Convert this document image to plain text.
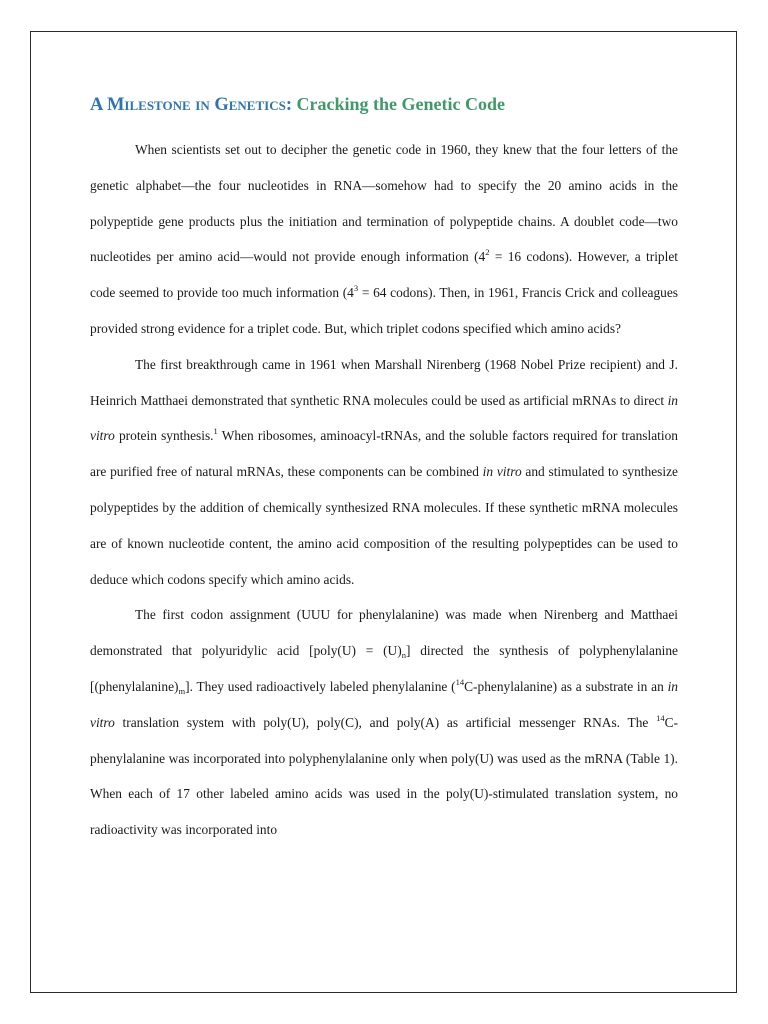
A Milestone in Genetics: Cracking the Genetic Code

When scientists set out to decipher the genetic code in 1960, they knew that the four letters of the genetic alphabet—the four nucleotides in RNA—somehow had to specify the 20 amino acids in the polypeptide gene products plus the initiation and termination of polypeptide chains. A doublet code—two nucleotides per amino acid—would not provide enough information ($4^2 = 16$ codons). However, a triplet code seemed to provide too much information ($4^3 = 64$ codons). Then, in 1961, Francis Crick and colleagues provided strong evidence for a triplet code. But, which triplet codons specified which amino acids?

The first breakthrough came in 1961 when Marshall Nirenberg (1968 Nobel Prize recipient) and J. Heinrich Matthaei demonstrated that synthetic RNA molecules could be used as artificial mRNAs to direct in vitro protein synthesis.$^1$ When ribosomes, aminoacyl-tRNAs, and the soluble factors required for translation are purified free of natural mRNAs, these components can be combined in vitro and stimulated to synthesize polypeptides by the addition of chemically synthesized RNA molecules. If these synthetic mRNA molecules are of known nucleotide content, the amino acid composition of the resulting polypeptides can be used to deduce which codons specify which amino acids.

The first codon assignment (UUU for phenylalanine) was made when Nirenberg and Matthaei demonstrated that polyuridylic acid [poly(U) = $(U)_n$] directed the synthesis of polyphenylalanine $[(phenylalanine)_m]$. They used radioactively labeled phenylalanine ($^{14}$C-phenylalanine) as a substrate in an in vitro translation system with poly(U), poly(C), and poly(A) as artificial messenger RNAs. The $^{14}$C-phenylalanine was incorporated into polyphenylalanine only when poly(U) was used as the mRNA (Table 1). When each of 17 other labeled amino acids was used in the poly(U)-stimulated translation system, no radioactivity was incorporated into
